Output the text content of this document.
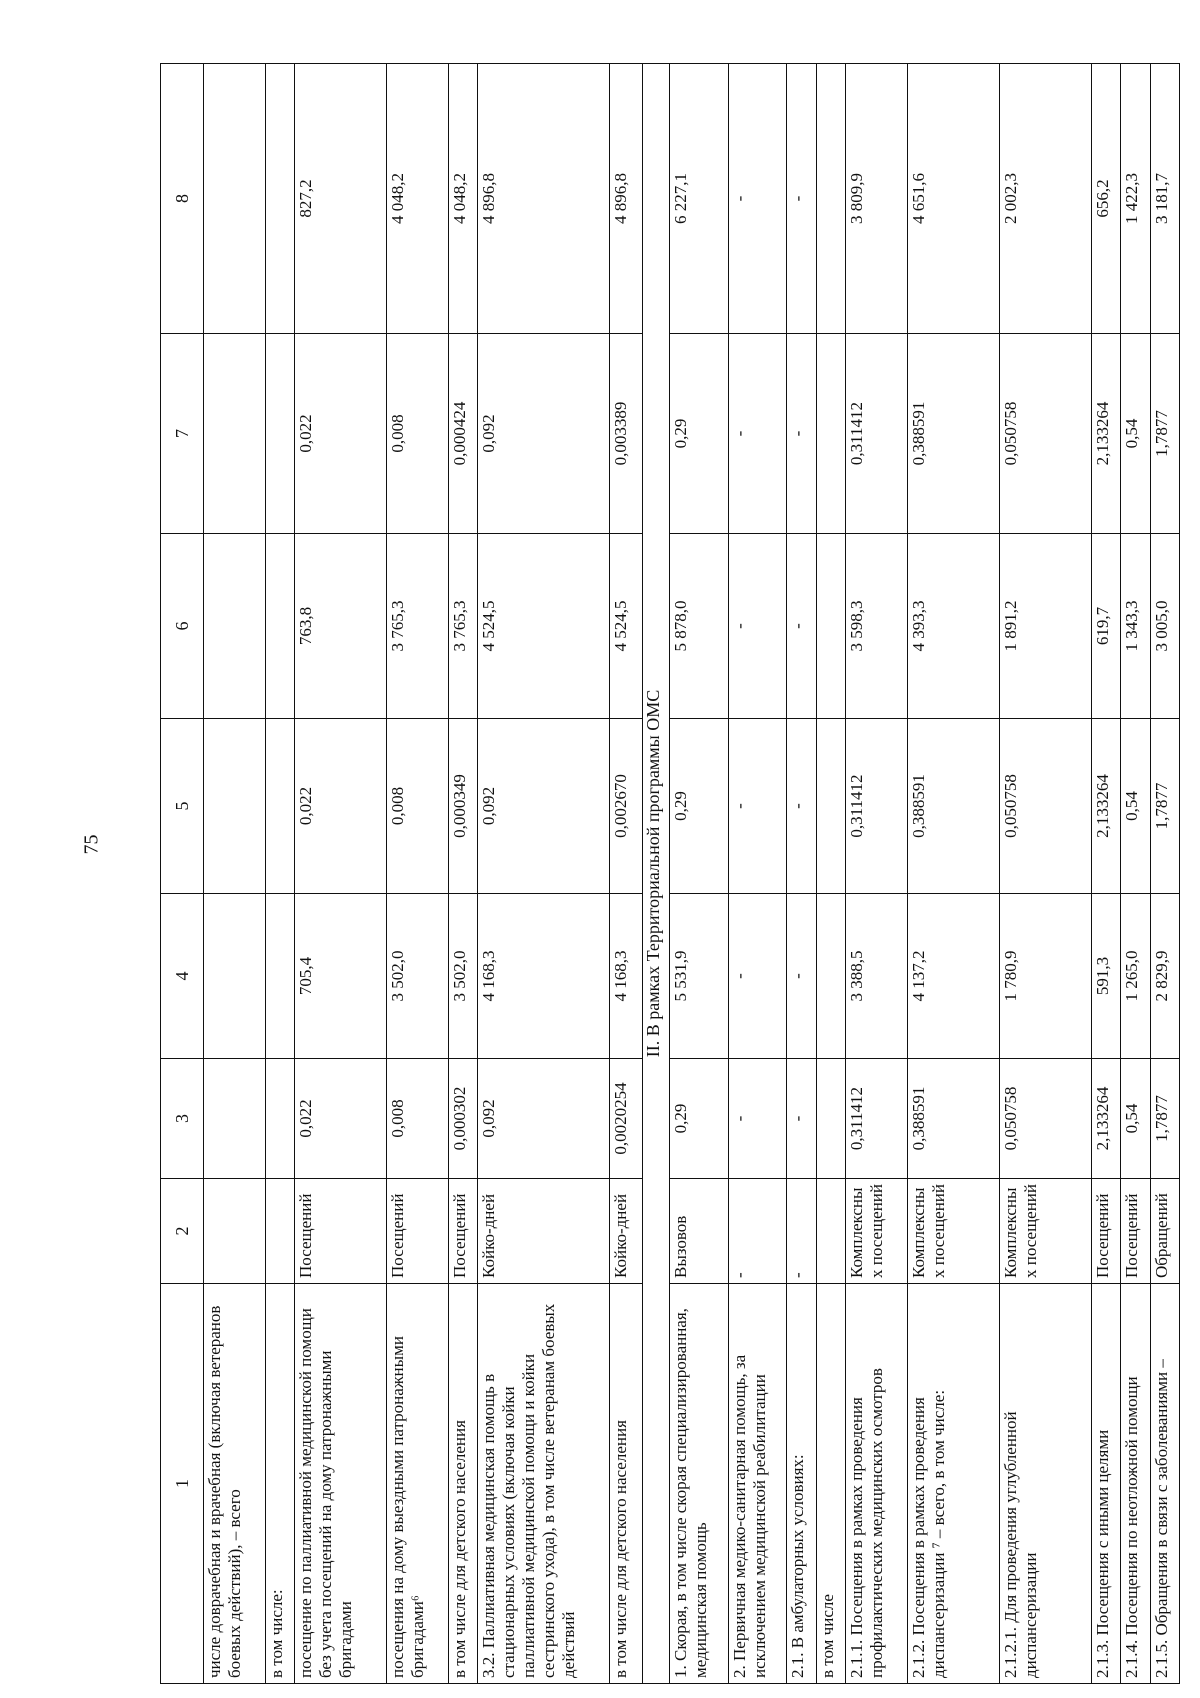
75
1	2	3	4	5	6	7	8
числе доврачебная и врачебная (включая ветеранов боевых действий), – всего							
в том числе:							
посещение по паллиативной медицинской помощи без учета посещений на дому патронажными бригадами	Посещений	0,022	705,4	0,022	763,8	0,022	827,2
посещения на дому выездными патронажными бригадами⁶	Посещений	0,008	3 502,0	0,008	3 765,3	0,008	4 048,2
в том числе для детского населения	Посещений	0,000302	3 502,0	0,000349	3 765,3	0,000424	4 048,2
3.2. Паллиативная медицинская помощь в стационарных условиях (включая койки паллиативной медицинской помощи и койки сестринского ухода), в том числе ветеранам боевых действий	Койко-дней	0,092	4 168,3	0,092	4 524,5	0,092	4 896,8
в том числе для детского населения	Койко-дней	0,0020254	4 168,3	0,002670	4 524,5	0,003389	4 896,8
II. В рамках Территориальной программы ОМС							
1. Скорая, в том числе скорая специализированная, медицинская помощь	Вызовов	0,29	5 531,9	0,29	5 878,0	0,29	6 227,1
2. Первичная медико-санитарная помощь, за исключением медицинской реабилитации	-	-	-	-	-	-	-
2.1. В амбулаторных условиях:	-	-	-	-	-	-	-
в том числе							
2.1.1. Посещения в рамках проведения профилактических медицинских осмотров	Комплексных посещений	0,311412	3 388,5	0,311412	3 598,3	0,311412	3 809,9
2.1.2. Посещения в рамках проведения диспансеризации ⁷ – всего, в том числе:	Комплексных посещений	0,388591	4 137,2	0,388591	4 393,3	0,388591	4 651,6
2.1.2.1. Для проведения углубленной диспансеризации	Комплексных посещений	0,050758	1 780,9	0,050758	1 891,2	0,050758	2 002,3
2.1.3. Посещения с иными целями	Посещений	2,133264	591,3	2,133264	619,7	2,133264	656,2
2.1.4. Посещения по неотложной помощи	Посещений	0,54	1 265,0	0,54	1 343,3	0,54	1 422,3
2.1.5. Обращения в связи с заболеваниями –	Обращений	1,7877	2 829,9	1,7877	3 005,0	1,7877	3 181,7
